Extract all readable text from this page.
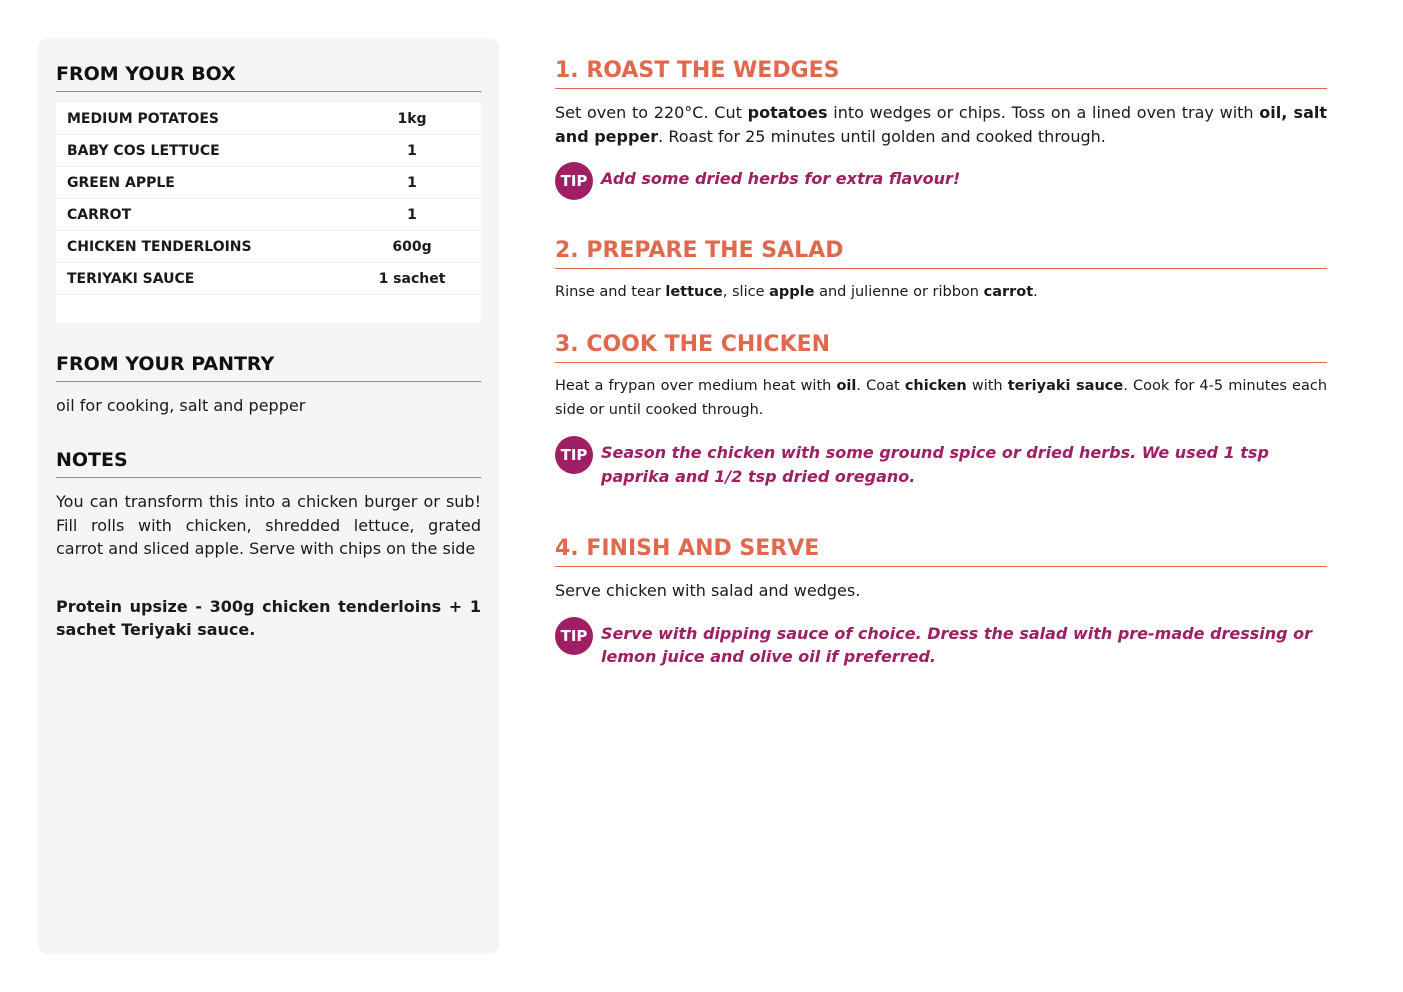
FROM YOUR BOX
MEDIUM POTATOES	1kg
BABY COS LETTUCE	1
GREEN APPLE	1
CARROT	1
CHICKEN TENDERLOINS	600g
TERIYAKI SAUCE	1 sachet
FROM YOUR PANTRY
oil for cooking, salt and pepper
NOTES
You can transform this into a chicken burger or sub! Fill rolls with chicken, shredded lettuce, grated carrot and sliced apple. Serve with chips on the side
Protein upsize - 300g chicken tenderloins + 1 sachet Teriyaki sauce.
1. ROAST THE WEDGES
Set oven to 220°C. Cut potatoes into wedges or chips. Toss on a lined oven tray with oil, salt and pepper. Roast for 25 minutes until golden and cooked through.
TIP Add some dried herbs for extra flavour!
2. PREPARE THE SALAD
Rinse and tear lettuce, slice apple and julienne or ribbon carrot.
3. COOK THE CHICKEN
Heat a frypan over medium heat with oil. Coat chicken with teriyaki sauce. Cook for 4-5 minutes each side or until cooked through.
TIP Season the chicken with some ground spice or dried herbs. We used 1 tsp paprika and 1/2 tsp dried oregano.
4. FINISH AND SERVE
Serve chicken with salad and wedges.
TIP Serve with dipping sauce of choice. Dress the salad with pre-made dressing or lemon juice and olive oil if preferred.
